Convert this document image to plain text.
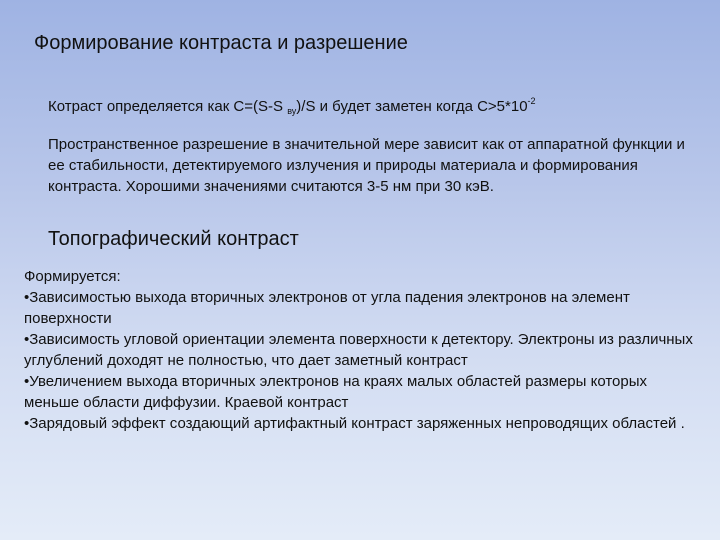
Формирование контраста и разрешение
Котраст определяется как C=(S-S $_{ву}$)/S и будет заметен когда $C>5*10^{-2}$
Пространственное разрешение в значительной мере зависит как от аппаратной функции и ее стабильности, детектируемого излучения и природы материала и формирования контраста. Хорошими значениями считаются 3-5 нм при 30 кэВ.
Топографический контраст
Формируется:
•Зависимостью выхода вторичных электронов от угла падения электронов на элемент поверхности
•Зависимость угловой ориентации элемента поверхности к детектору. Электроны из различных углублений доходят не полностью, что дает заметный контраст
•Увеличением выхода вторичных электронов на краях малых областей размеры которых меньше области диффузии. Краевой контраст
•Зарядовый эффект создающий артифактный контраст заряженных непроводящих областей .
